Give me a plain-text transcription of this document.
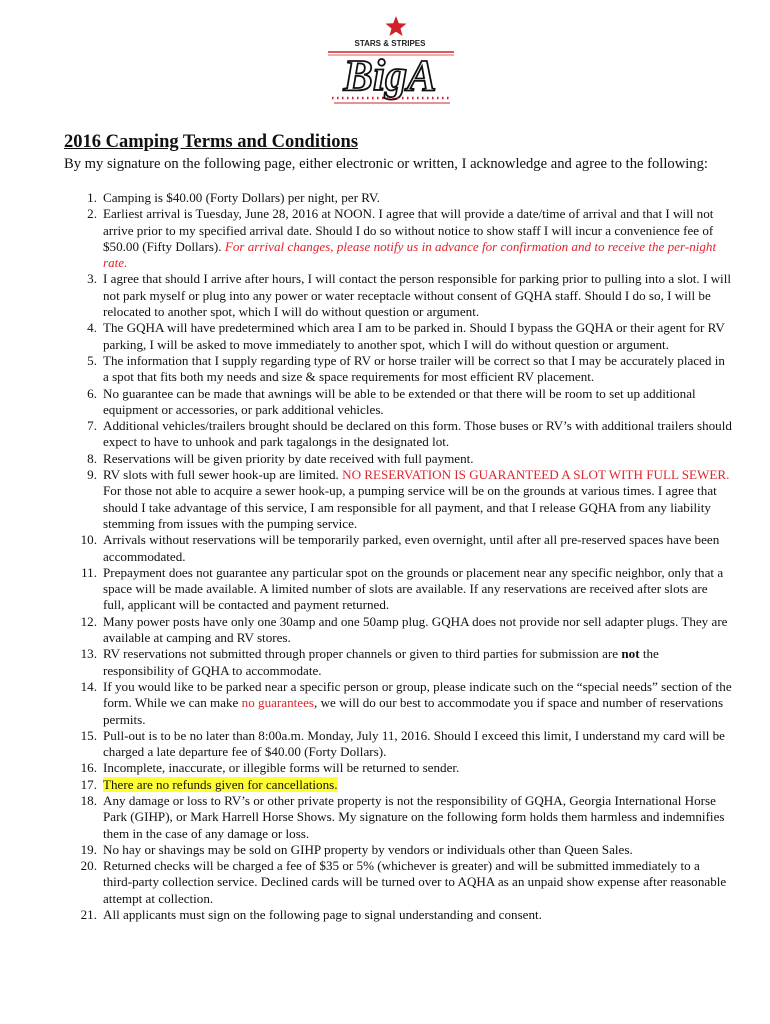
STARS & STRIPES
BigA
2016 Camping Terms and Conditions

By my signature on the following page, either electronic or written, I acknowledge and agree to the following:

1. Camping is $40.00 (Forty Dollars) per night, per RV.
2. Earliest arrival is Tuesday, June 28, 2016 at NOON. I agree that will provide a date/time of arrival and that I will not arrive prior to my specified arrival date. Should I do so without notice to show staff I will incur a convenience fee of $50.00 (Fifty Dollars). For arrival changes, please notify us in advance for confirmation and to receive the per-night rate.
3. I agree that should I arrive after hours, I will contact the person responsible for parking prior to pulling into a slot. I will not park myself or plug into any power or water receptacle without consent of GQHA staff. Should I do so, I will be relocated to another spot, which I will do without question or argument.
4. The GQHA will have predetermined which area I am to be parked in. Should I bypass the GQHA or their agent for RV parking, I will be asked to move immediately to another spot, which I will do without question or argument.
5. The information that I supply regarding type of RV or horse trailer will be correct so that I may be accurately placed in a spot that fits both my needs and size & space requirements for most efficient RV placement.
6. No guarantee can be made that awnings will be able to be extended or that there will be room to set up additional equipment or accessories, or park additional vehicles.
7. Additional vehicles/trailers brought should be declared on this form. Those buses or RV’s with additional trailers should expect to have to unhook and park tagalongs in the designated lot.
8. Reservations will be given priority by date received with full payment.
9. RV slots with full sewer hook-up are limited. NO RESERVATION IS GUARANTEED A SLOT WITH FULL SEWER. For those not able to acquire a sewer hook-up, a pumping service will be on the grounds at various times. I agree that should I take advantage of this service, I am responsible for all payment, and that I release GQHA from any liability stemming from issues with the pumping service.
10. Arrivals without reservations will be temporarily parked, even overnight, until after all pre-reserved spaces have been accommodated.
11. Prepayment does not guarantee any particular spot on the grounds or placement near any specific neighbor, only that a space will be made available. A limited number of slots are available. If any reservations are received after slots are full, applicant will be contacted and payment returned.
12. Many power posts have only one 30amp and one 50amp plug. GQHA does not provide nor sell adapter plugs. They are available at camping and RV stores.
13. RV reservations not submitted through proper channels or given to third parties for submission are not the responsibility of GQHA to accommodate.
14. If you would like to be parked near a specific person or group, please indicate such on the “special needs” section of the form. While we can make no guarantees, we will do our best to accommodate you if space and number of reservations permits.
15. Pull-out is to be no later than 8:00a.m. Monday, July 11, 2016. Should I exceed this limit, I understand my card will be charged a late departure fee of $40.00 (Forty Dollars).
16. Incomplete, inaccurate, or illegible forms will be returned to sender.
17. There are no refunds given for cancellations.
18. Any damage or loss to RV’s or other private property is not the responsibility of GQHA, Georgia International Horse Park (GIHP), or Mark Harrell Horse Shows. My signature on the following form holds them harmless and indemnifies them in the case of any damage or loss.
19. No hay or shavings may be sold on GIHP property by vendors or individuals other than Queen Sales.
20. Returned checks will be charged a fee of $35 or 5% (whichever is greater) and will be submitted immediately to a third-party collection service. Declined cards will be turned over to AQHA as an unpaid show expense after reasonable attempt at collection.
21. All applicants must sign on the following page to signal understanding and consent.
